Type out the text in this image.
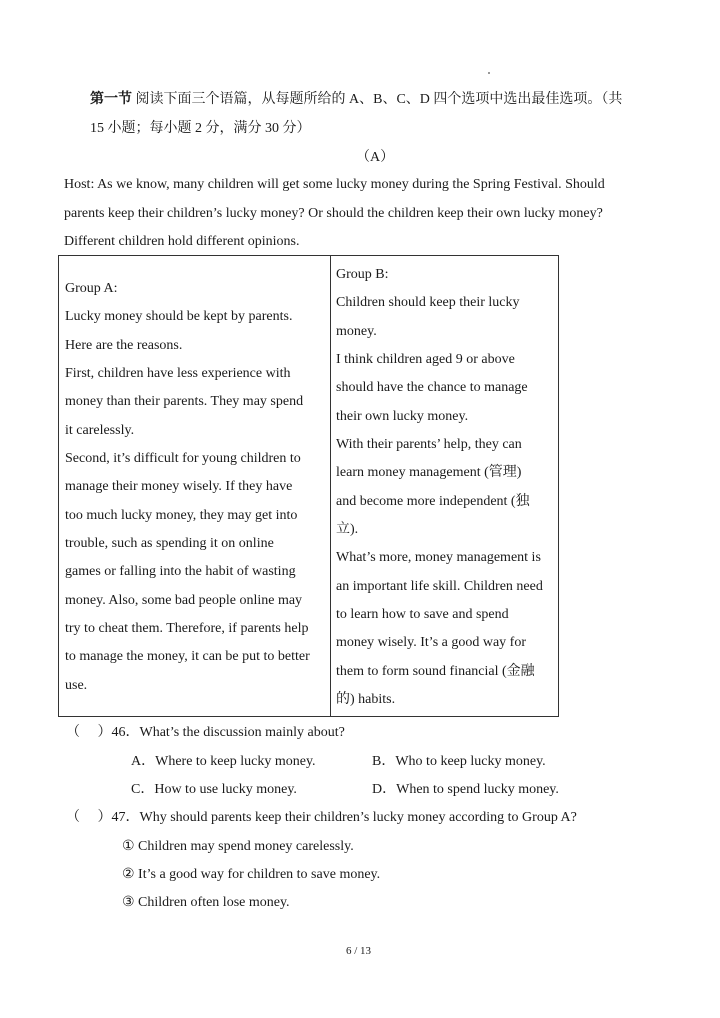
第一节 阅读下面三个语篇，从每题所给的 A、B、C、D 四个选项中选出最佳选项。（共
15 小题；每小题 2 分，满分 30 分）
（A）
Host: As we know, many children will get some lucky money during the Spring Festival. Should
parents keep their children’s lucky money? Or should the children keep their own lucky money?
Different children hold different opinions.
Group A:
Lucky money should be kept by parents.
Here are the reasons.
First, children have less experience with
money than their parents. They may spend
it carelessly.
Second, it’s difficult for young children to
manage their money wisely. If they have
too much lucky money, they may get into
trouble, such as spending it on online
games or falling into the habit of wasting
money. Also, some bad people online may
try to cheat them. Therefore, if parents help
to manage the money, it can be put to better
use.
Group B:
Children should keep their lucky
money.
I think children aged 9 or above
should have the chance to manage
their own lucky money.
With their parents’ help, they can
learn money management (管理)
and become more independent (独
立).
What’s more, money management is
an important life skill. Children need
to learn how to save and spend
money wisely. It’s a good way for
them to form sound financial (金融
的) habits.
（　 ）46．What’s the discussion mainly about?
A．Where to keep lucky money.	B．Who to keep lucky money.
C．How to use lucky money.	D．When to spend lucky money.
（　 ）47．Why should parents keep their children’s lucky money according to Group A?
① Children may spend money carelessly.
② It’s a good way for children to save money.
③ Children often lose money.
6 / 13
